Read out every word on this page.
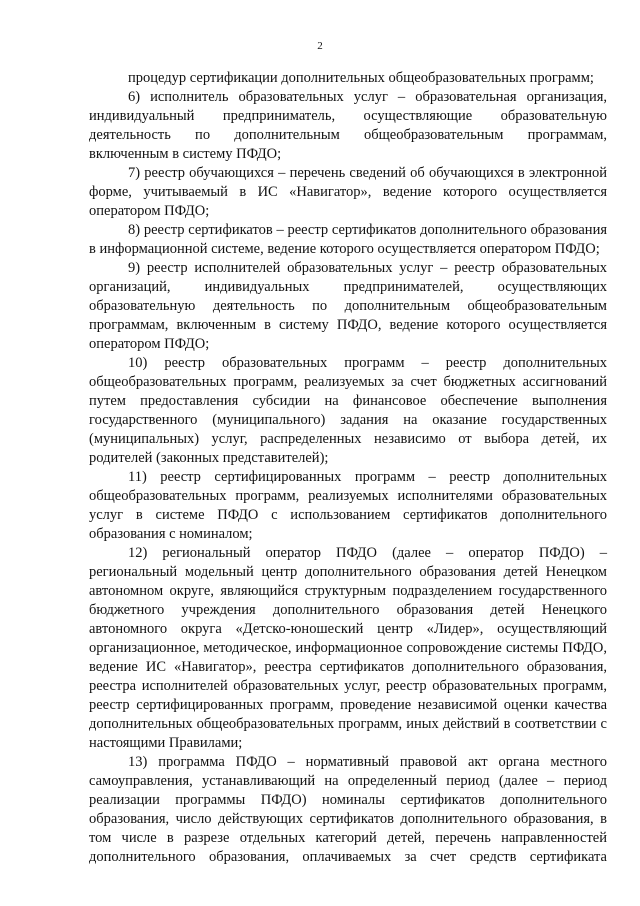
2

процедур сертификации дополнительных общеобразовательных программ;

6) исполнитель образовательных услуг – образовательная организация, индивидуальный предприниматель, осуществляющие образовательную деятельность по дополнительным общеобразовательным программам, включенным в систему ПФДО;

7) реестр обучающихся – перечень сведений об обучающихся в электронной форме, учитываемый в ИС «Навигатор», ведение которого осуществляется оператором ПФДО;

8) реестр сертификатов – реестр сертификатов дополнительного образования в информационной системе, ведение которого осуществляется оператором ПФДО;

9) реестр исполнителей образовательных услуг – реестр образовательных организаций, индивидуальных предпринимателей, осуществляющих образовательную деятельность по дополнительным общеобразовательным программам, включенным в систему ПФДО, ведение которого осуществляется оператором ПФДО;

10) реестр образовательных программ – реестр дополнительных общеобразовательных программ, реализуемых за счет бюджетных ассигнований путем предоставления субсидии на финансовое обеспечение выполнения государственного (муниципального) задания на оказание государственных (муниципальных) услуг, распределенных независимо от выбора детей, их родителей (законных представителей);

11) реестр сертифицированных программ – реестр дополнительных общеобразовательных программ, реализуемых исполнителями образовательных услуг в системе ПФДО с использованием сертификатов дополнительного образования с номиналом;

12) региональный оператор ПФДО (далее – оператор ПФДО) – региональный модельный центр дополнительного образования детей Ненецком автономном округе, являющийся структурным подразделением государственного бюджетного учреждения дополнительного образования детей Ненецкого автономного округа «Детско-юношеский центр «Лидер», осуществляющий организационное, методическое, информационное сопровождение системы ПФДО, ведение ИС «Навигатор», реестра сертификатов дополнительного образования, реестра исполнителей образовательных услуг, реестр образовательных программ, реестр сертифицированных программ, проведение независимой оценки качества дополнительных общеобразовательных программ, иных действий в соответствии с настоящими Правилами;

13) программа ПФДО – нормативный правовой акт органа местного самоуправления, устанавливающий на определенный период (далее – период реализации программы ПФДО) номиналы сертификатов дополнительного образования, число действующих сертификатов дополнительного образования, в том числе в разрезе отдельных категорий детей, перечень направленностей дополнительного образования, оплачиваемых за счет средств сертификата
